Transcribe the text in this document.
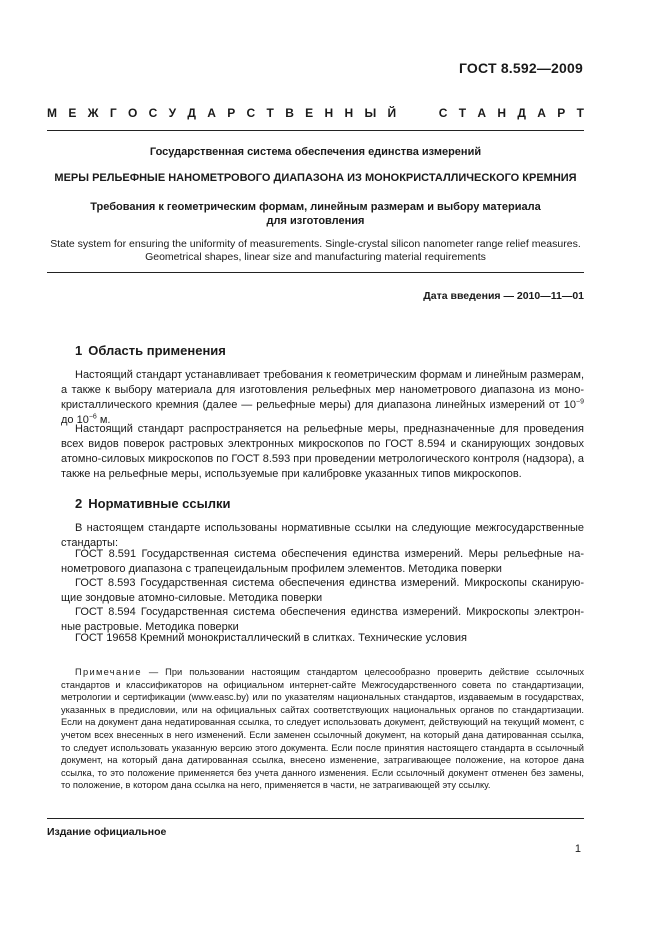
ГОСТ 8.592—2009
М Е Ж Г О С У Д А Р С Т В Е Н Н Ы Й	С Т А Н Д А Р Т
Государственная система обеспечения единства измерений
МЕРЫ РЕЛЬЕФНЫЕ НАНОМЕТРОВОГО ДИАПАЗОНА ИЗ МОНОКРИСТАЛЛИЧЕСКОГО КРЕМНИЯ
Требования к геометрическим формам, линейным размерам и выбору материала
для изготовления
State system for ensuring the uniformity of measurements. Single-crystal silicon nanometer range relief measures.
Geometrical shapes, linear size and manufacturing material requirements
Дата введения — 2010—11—01
1 Область применения

Настоящий стандарт устанавливает требования к геометрическим формам и линейным размерам, а также к выбору материала для изготовления рельефных мер нанометрового диапазона из монокристаллического кремния (далее — рельефные меры) для диапазона линейных измерений от $10^{-9}$ до $10^{-6}$ м.

Настоящий стандарт распространяется на рельефные меры, предназначенные для проведения всех видов поверок растровых электронных микроскопов по ГОСТ 8.594 и сканирующих зондовых атомно-силовых микроскопов по ГОСТ 8.593 при проведении метрологического контроля (надзора), а также на рельефные меры, используемые при калибровке указанных типов микроскопов.

2 Нормативные ссылки

В настоящем стандарте использованы нормативные ссылки на следующие межгосударственные стандарты:

ГОСТ 8.591 Государственная система обеспечения единства измерений. Меры рельефные нанометрового диапазона с трапецеидальным профилем элементов. Методика поверки

ГОСТ 8.593 Государственная система обеспечения единства измерений. Микроскопы сканирующие зондовые атомно-силовые. Методика поверки

ГОСТ 8.594 Государственная система обеспечения единства измерений. Микроскопы электронные растровые. Методика поверки

ГОСТ 19658 Кремний монокристаллический в слитках. Технические условия

Примечание — При пользовании настоящим стандартом целесообразно проверить действие ссылочных стандартов и классификаторов на официальном интернет-сайте Межгосударственного совета по стандартизации, метрологии и сертификации (www.easc.by) или по указателям национальных стандартов, издаваемым в государствах, указанных в предисловии, или на официальных сайтах соответствующих национальных органов по стандартизации. Если на документ дана недатированная ссылка, то следует использовать документ, действующий на текущий момент, с учетом всех внесенных в него изменений. Если заменен ссылочный документ, на который дана датированная ссылка, то следует использовать указанную версию этого документа. Если после принятия настоящего стандарта в ссылочный документ, на который дана датированная ссылка, внесено изменение, затрагивающее положение, на которое дана ссылка, то это положение применяется без учета данного изменения. Если ссылочный документ отменен без замены, то положение, в котором дана ссылка на него, применяется в части, не затрагивающей эту ссылку.

Издание официальное
1
